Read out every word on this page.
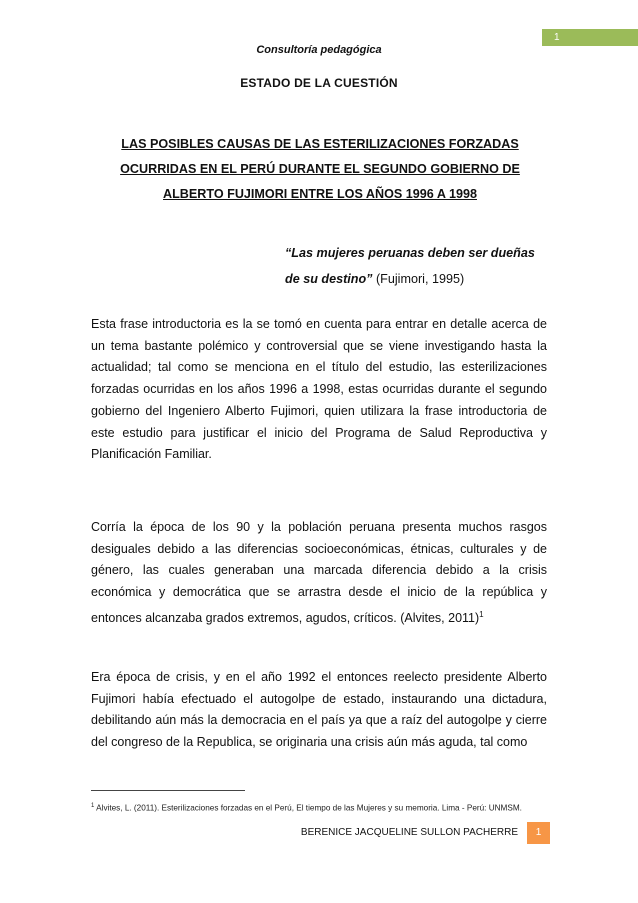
1
Consultoría pedagógica
ESTADO DE LA CUESTIÓN
LAS POSIBLES CAUSAS DE LAS ESTERILIZACIONES FORZADAS OCURRIDAS EN EL PERÚ DURANTE EL SEGUNDO GOBIERNO DE ALBERTO FUJIMORI ENTRE LOS AÑOS 1996 A 1998
“Las mujeres peruanas deben ser dueñas de su destino” (Fujimori, 1995)

Esta frase introductoria es la se tomó en cuenta para entrar en detalle acerca de un tema bastante polémico y controversial que se viene investigando hasta la actualidad; tal como se menciona en el título del estudio, las esterilizaciones forzadas ocurridas en los años 1996 a 1998, estas ocurridas durante el segundo gobierno del Ingeniero Alberto Fujimori, quien utilizara la frase introductoria de este estudio para justificar el inicio del Programa de Salud Reproductiva y Planificación Familiar.

Corría la época de los 90 y la población peruana presenta muchos rasgos desiguales debido a las diferencias socioeconómicas, étnicas, culturales y de género, las cuales generaban una marcada diferencia debido a la crisis económica y democrática que se arrastra desde el inicio de la república y entonces alcanzaba grados extremos, agudos, críticos. (Alvites, 2011)$^1$

Era época de crisis, y en el año 1992 el entonces reelecto presidente Alberto Fujimori había efectuado el autogolpe de estado, instaurando una dictadura, debilitando aún más la democracia en el país ya que a raíz del autogolpe y cierre del congreso de la Republica, se originaria una crisis aún más aguda, tal como

$^1$ Alvites, L. (2011). Esterilizaciones forzadas en el Perú, El tiempo de las Mujeres y su memoria. Lima - Perú: UNMSM.
BERENICE JACQUELINE SULLON PACHERRE	1
